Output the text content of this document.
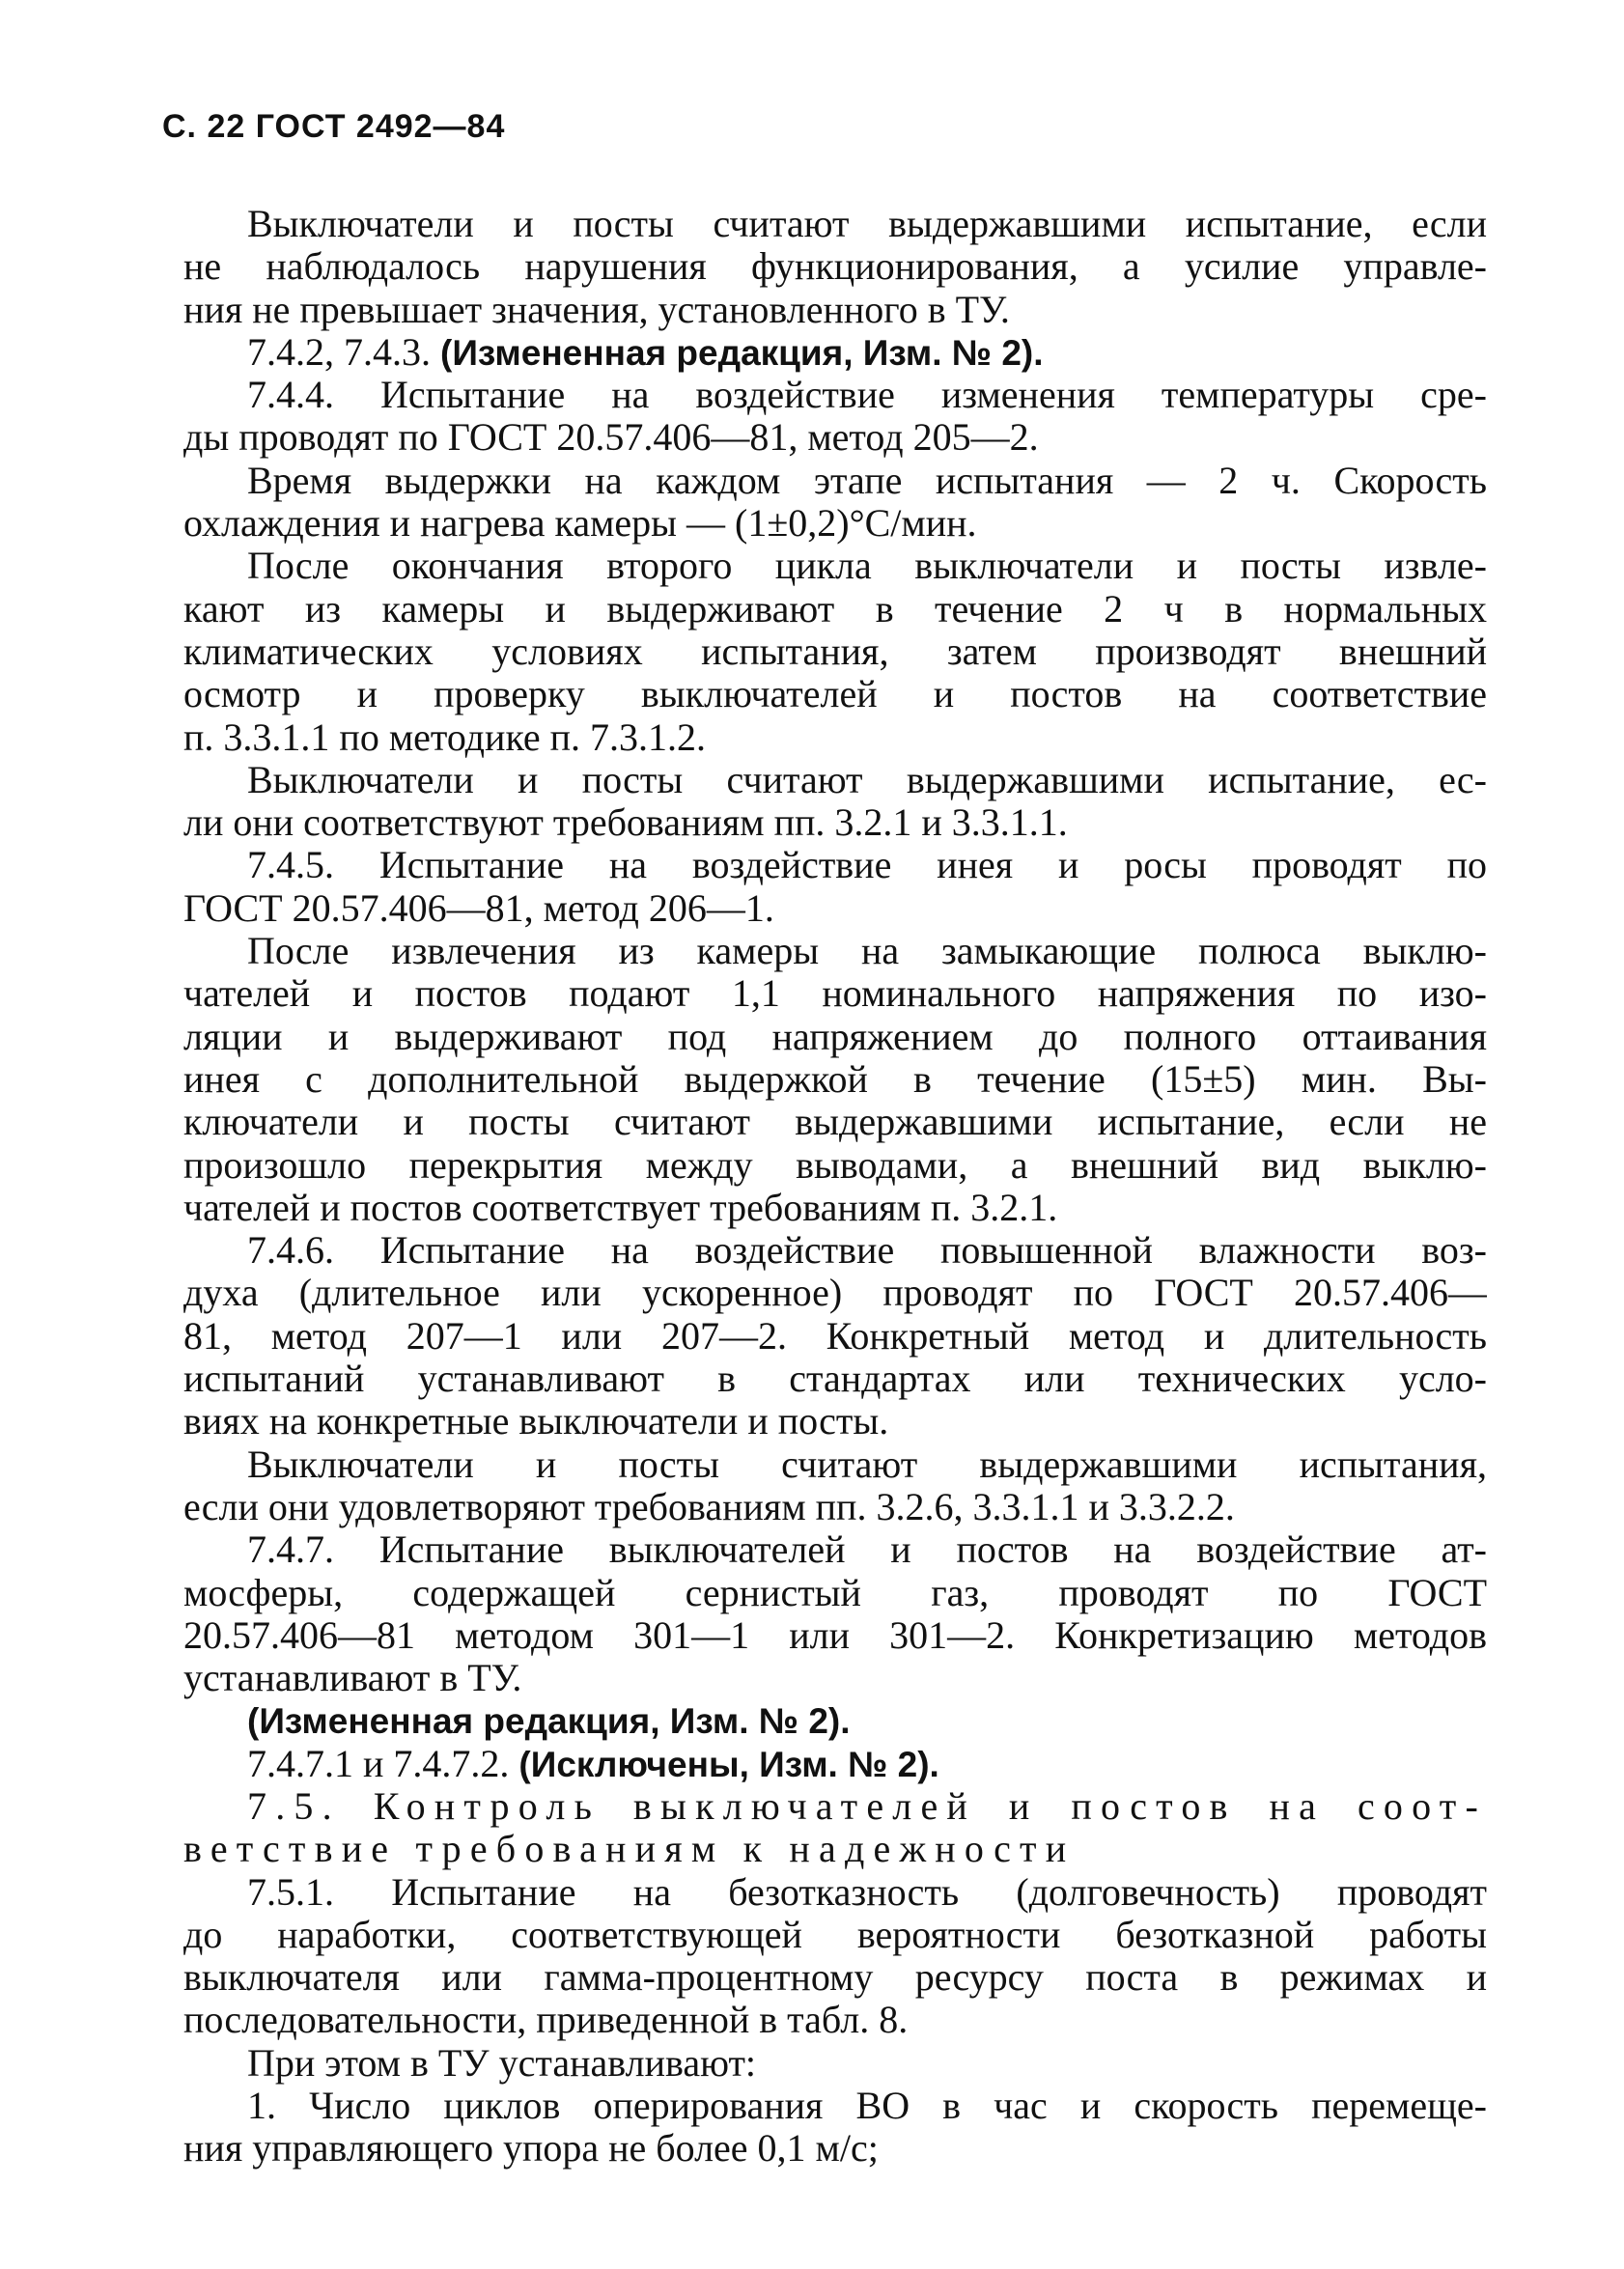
С. 22 ГОСТ 2492—84
Выключатели и посты считают выдержавшими испытание, если
не наблюдалось нарушения функционирования, а усилие управле-
ния не превышает значения, установленного в ТУ.
7.4.2, 7.4.3. (Измененная редакция, Изм. № 2).
7.4.4. Испытание на воздействие изменения температуры сре-
ды проводят по ГОСТ 20.57.406—81, метод 205—2.
Время выдержки на каждом этапе испытания — 2 ч. Скорость
охлаждения и нагрева камеры — (1±0,2)°С/мин.
После окончания второго цикла выключатели и посты извле-
кают из камеры и выдерживают в течение 2 ч в нормальных
климатических условиях испытания, затем производят внешний
осмотр и проверку выключателей и постов на соответствие
п. 3.3.1.1 по методике п. 7.3.1.2.
Выключатели и посты считают выдержавшими испытание, ес-
ли они соответствуют требованиям пп. 3.2.1 и 3.3.1.1.
7.4.5. Испытание на воздействие инея и росы проводят по
ГОСТ 20.57.406—81, метод 206—1.
После извлечения из камеры на замыкающие полюса выклю-
чателей и постов подают 1,1 номинального напряжения по изо-
ляции и выдерживают под напряжением до полного оттаивания
инея с дополнительной выдержкой в течение (15±5) мин. Вы-
ключатели и посты считают выдержавшими испытание, если не
произошло перекрытия между выводами, а внешний вид выклю-
чателей и постов соответствует требованиям п. 3.2.1.
7.4.6. Испытание на воздействие повышенной влажности воз-
духа (длительное или ускоренное) проводят по ГОСТ 20.57.406—
81, метод 207—1 или 207—2. Конкретный метод и длительность
испытаний устанавливают в стандартах или технических усло-
виях на конкретные выключатели и посты.
Выключатели и посты считают выдержавшими испытания,
если они удовлетворяют требованиям пп. 3.2.6, 3.3.1.1 и 3.3.2.2.
7.4.7. Испытание выключателей и постов на воздействие ат-
мосферы, содержащей сернистый газ, проводят по ГОСТ
20.57.406—81 методом 301—1 или 301—2. Конкретизацию методов
устанавливают в ТУ.
(Измененная редакция, Изм. № 2).
7.4.7.1 и 7.4.7.2. (Исключены, Изм. № 2).
7.5. Контроль выключателей и постов на соот-
ветствие требованиям к надежности
7.5.1. Испытание на безотказность (долговечность) проводят
до наработки, соответствующей вероятности безотказной работы
выключателя или гамма-процентному ресурсу поста в режимах и
последовательности, приведенной в табл. 8.
При этом в ТУ устанавливают:
1. Число циклов оперирования ВО в час и скорость перемеще-
ния управляющего упора не более 0,1 м/с;
